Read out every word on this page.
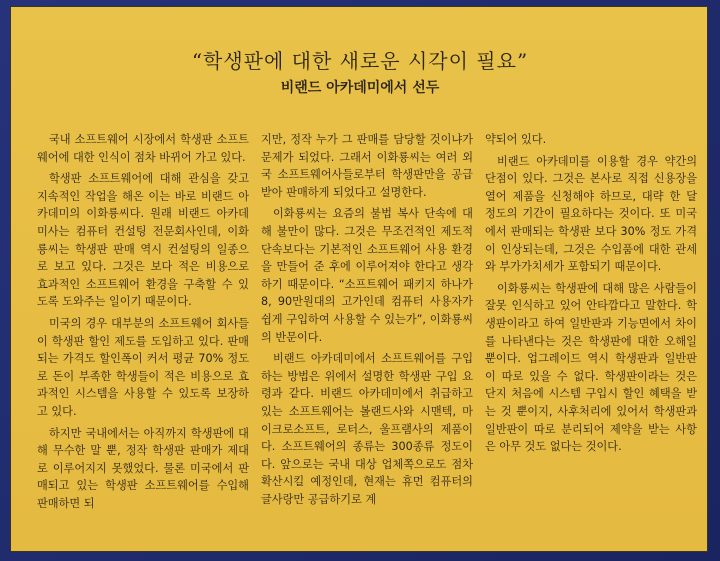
“학생판에 대한 새로운 시각이 필요”
비랜드 아카데미에서 선두

국내 소프트웨어 시장에서 학생판 소프트웨어에 대한 인식이 점차 바뀌어 가고 있다.

학생판 소프트웨어에 대해 관심을 갖고 지속적인 작업을 해온 이는 바로 비랜드 아카데미의 이화룡씨다. 원래 비랜드 아카데미사는 컴퓨터 컨설팅 전문회사인데, 이화룡씨는 학생판 판매 역시 컨설팅의 일종으로 보고 있다. 그것은 보다 적은 비용으로 효과적인 소프트웨어 환경을 구축할 수 있도록 도와주는 일이기 때문이다.

미국의 경우 대부분의 소프트웨어 회사들이 학생판 할인 제도를 도입하고 있다. 판매되는 가격도 할인폭이 커서 평균 70% 정도로 돈이 부족한 학생들이 적은 비용으로 효과적인 시스템을 사용할 수 있도록 보장하고 있다.

하지만 국내에서는 아직까지 학생판에 대해 무수한 말 뿐, 정작 학생판 판매가 제대로 이루어지지 못했었다. 물론 미국에서 판매되고 있는 학생판 소프트웨어를 수입해 판매하면 되

지만, 정작 누가 그 판매를 담당할 것이냐가 문제가 되었다. 그래서 이화룡씨는 여러 외국 소프트웨어사들로부터 학생판만을 공급받아 판매하게 되었다고 설명한다.

이화룡씨는 요즘의 불법 복사 단속에 대해 불만이 많다. 그것은 무조건적인 제도적 단속보다는 기본적인 소프트웨어 사용 환경을 만들어 준 후에 이루어져야 한다고 생각하기 때문이다. “소프트웨어 패키지 하나가 8, 90만원대의 고가인데 컴퓨터 사용자가 쉽게 구입하여 사용할 수 있는가”, 이화룡씨의 반문이다.

비랜드 아카데미에서 소프트웨어를 구입하는 방법은 위에서 설명한 학생판 구입 요령과 같다. 비랜드 아카데미에서 취급하고 있는 소프트웨어는 볼랜드사와 시맨텍, 마이크로소프트, 로터스, 울프램사의 제품이다. 소프트웨어의 종류는 300종류 정도이다. 앞으로는 국내 대상 업체쪽으로도 점차 확산시킬 예정인데, 현재는 휴먼 컴퓨터의 글사랑만 공급하기로 계

약되어 있다.

비랜드 아카데미를 이용할 경우 약간의 단점이 있다. 그것은 본사로 직접 신용장을 열어 제품을 신청해야 하므로, 대략 한 달 정도의 기간이 필요하다는 것이다. 또 미국에서 판매되는 학생판 보다 30% 정도 가격이 인상되는데, 그것은 수입품에 대한 관세와 부가가치세가 포함되기 때문이다.

이화룡씨는 학생판에 대해 많은 사람들이 잘못 인식하고 있어 안타깝다고 말한다. 학생판이라고 하여 일반판과 기능면에서 차이를 나타낸다는 것은 학생판에 대한 오해일 뿐이다. 업그레이드 역시 학생판과 일반판이 따로 있을 수 없다. 학생판이라는 것은 단지 처음에 시스템 구입시 할인 혜택을 받는 것 뿐이지, 사후처리에 있어서 학생판과 일반판이 따로 분리되어 제약을 받는 사항은 아무 것도 없다는 것이다.
